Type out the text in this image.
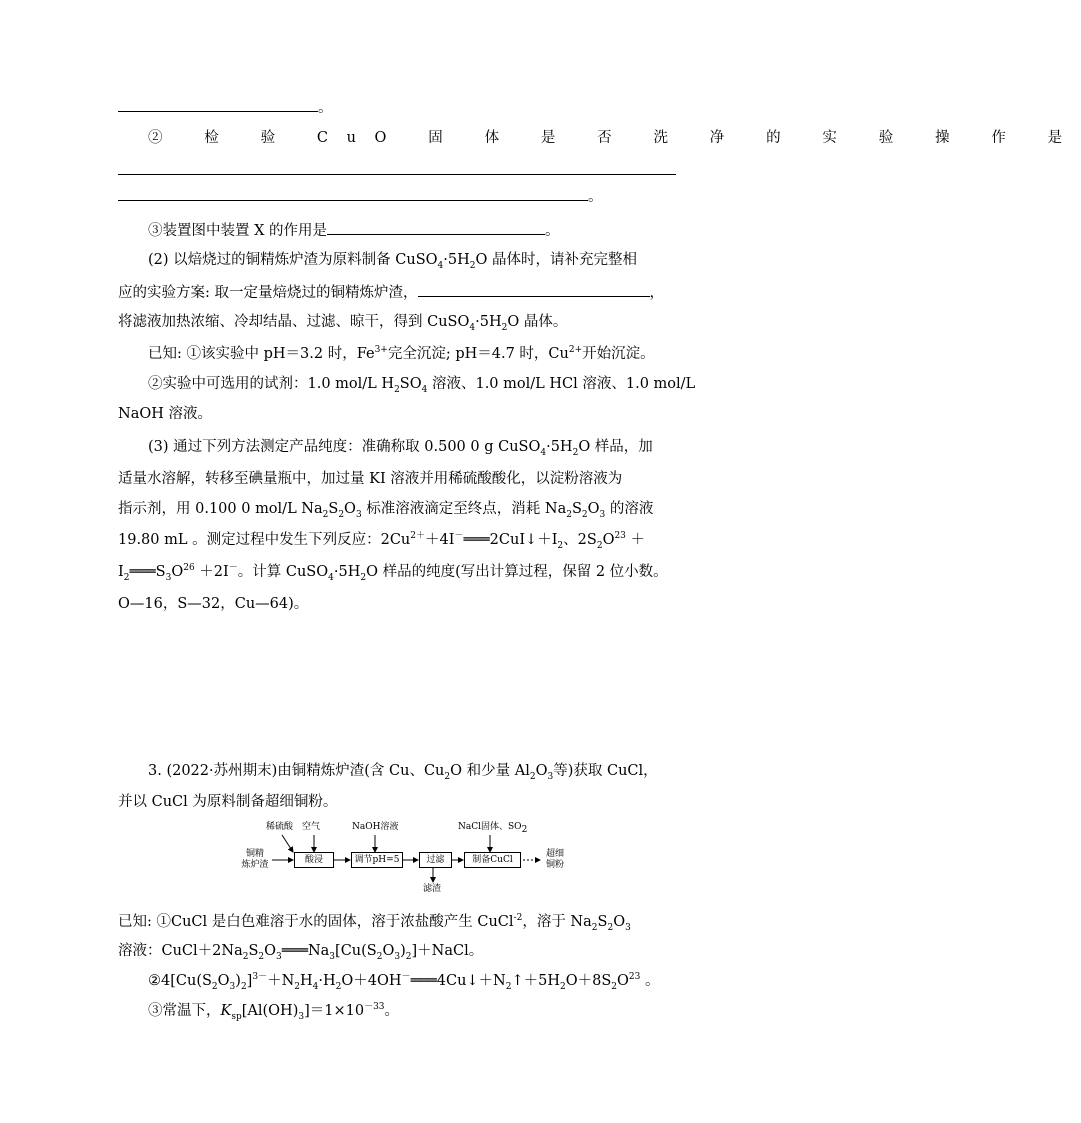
。
② 检 验 CuO 固 体 是 否 洗 净 的 实 验 操 作 是
。
③装置图中装置 X 的作用是	。
(2) 以焙烧过的铜精炼炉渣为原料制备 $CuSO_4\cdot 5H_2O$ 晶体时，请补充完整相
应的实验方案: 取一定量焙烧过的铜精炼炉渣，	，
将滤液加热浓缩、冷却结晶、过滤、晾干，得到 $CuSO_4\cdot 5H_2O$ 晶体。
已知: ①该实验中 pH＝3.2 时，$Fe^{3+}$完全沉淀; pH＝4.7 时，$Cu^{2+}$开始沉淀。
②实验中可选用的试剂：1.0 mol/L $H_2SO_4$ 溶液、1.0 mol/L HCl 溶液、1.0 mol/L
NaOH 溶液。
(3) 通过下列方法测定产品纯度：准确称取 0.500 0 g $CuSO_4\cdot 5H_2O$ 样品，加
适量水溶解，转移至碘量瓶中，加过量 KI 溶液并用稀硫酸酸化，以淀粉溶液为
指示剂，用 0.100 0 mol/L $Na_2S_2O_3$ 标准溶液滴定至终点，消耗 $Na_2S_2O_3$ 的溶液
19.80 mL 。测定过程中发生下列反应：$2Cu^{2+}+4I^-═══2CuI↓+I_2$、$2S_2O^{23}$ ＋
$I_2═══S_3O^{26} +2I^-$。计算 $CuSO_4\cdot 5H_2O$ 样品的纯度(写出计算过程，保留 2 位小数。
O—16，S—32，Cu—64)。
3. (2022·苏州期末)由铜精炼炉渣(含 Cu、$Cu_2O$ 和少量 $Al_2O_3$等)获取 CuCl，
并以 CuCl 为原料制备超细铜粉。
铜精
炼炉渣
稀硫酸 空气	NaOH溶液	NaCl固体、$SO_2$
酸浸	调节pH=5	过滤	制备CuCl
滤渣
超细
铜粉
已知: ①CuCl 是白色难溶于水的固体，溶于浓盐酸产生 CuCl$^{-2}$，溶于 $Na_2S_2O_3$
溶液：$CuCl+2Na_2S_2O_3═══Na_3[Cu(S_2O_3)_2]+NaCl$。
$②4[Cu(S_2O_3)_2]^{3-}+N_2H_4\cdot H_2O+4OH^-═══4Cu↓+N_2↑+5H_2O+8S_2O^{23}$ 。
③常温下，$K_{sp}[Al(OH)_3]=1\times 10^{-33}$。
